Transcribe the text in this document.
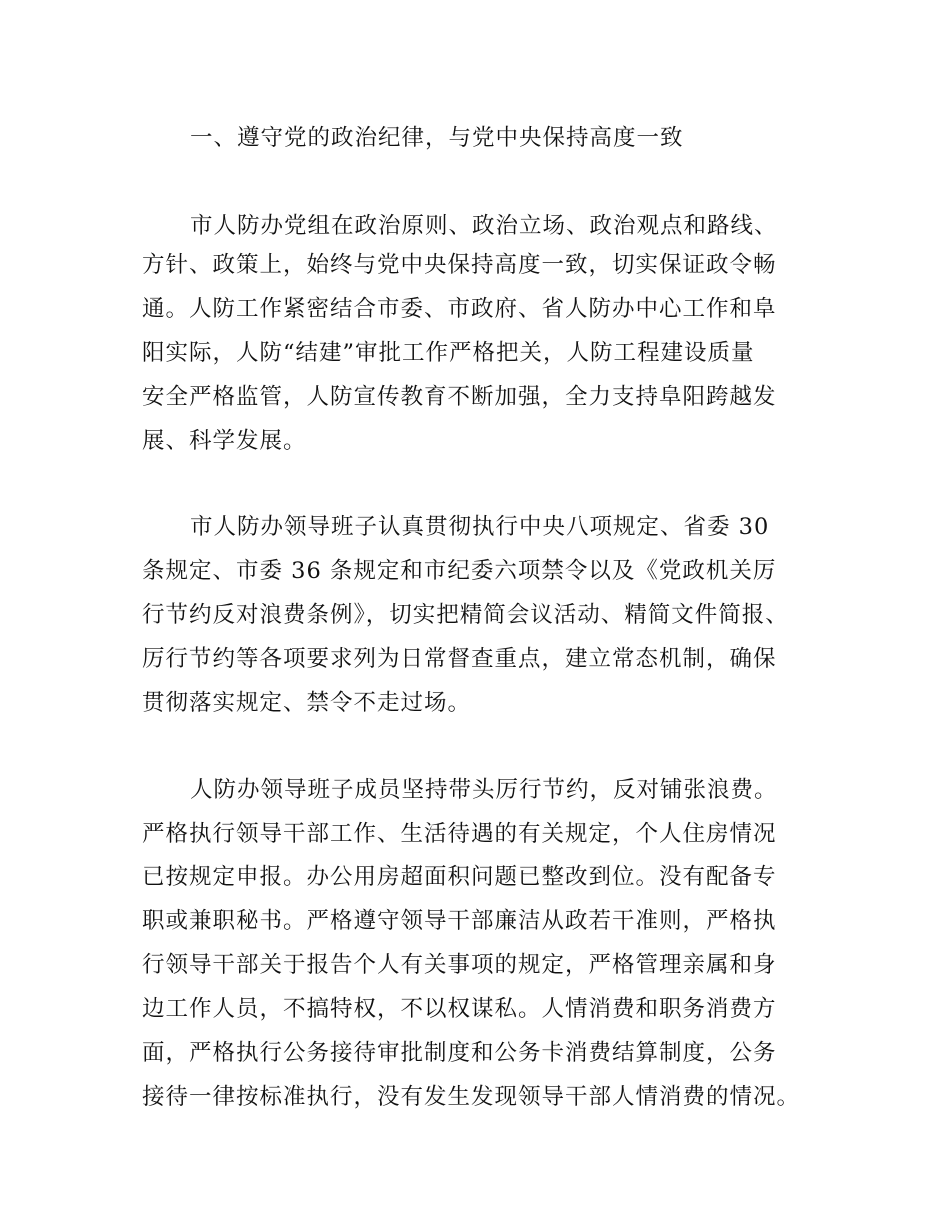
一、遵守党的政治纪律，与党中央保持高度一致
市人防办党组在政治原则、政治立场、政治观点和路线、
方针、政策上，始终与党中央保持高度一致，切实保证政令畅
通。人防工作紧密结合市委、市政府、省人防办中心工作和阜
阳实际，人防“结建”审批工作严格把关，人防工程建设质量
安全严格监管，人防宣传教育不断加强，全力支持阜阳跨越发
展、科学发展。
市人防办领导班子认真贯彻执行中央八项规定、省委 30
条规定、市委 36 条规定和市纪委六项禁令以及《党政机关厉
行节约反对浪费条例》，切实把精简会议活动、精简文件简报、
厉行节约等各项要求列为日常督查重点，建立常态机制，确保
贯彻落实规定、禁令不走过场。
人防办领导班子成员坚持带头厉行节约，反对铺张浪费。
严格执行领导干部工作、生活待遇的有关规定，个人住房情况
已按规定申报。办公用房超面积问题已整改到位。没有配备专
职或兼职秘书。严格遵守领导干部廉洁从政若干准则，严格执
行领导干部关于报告个人有关事项的规定，严格管理亲属和身
边工作人员，不搞特权，不以权谋私。人情消费和职务消费方
面，严格执行公务接待审批制度和公务卡消费结算制度，公务
接待一律按标准执行，没有发生发现领导干部人情消费的情况。
